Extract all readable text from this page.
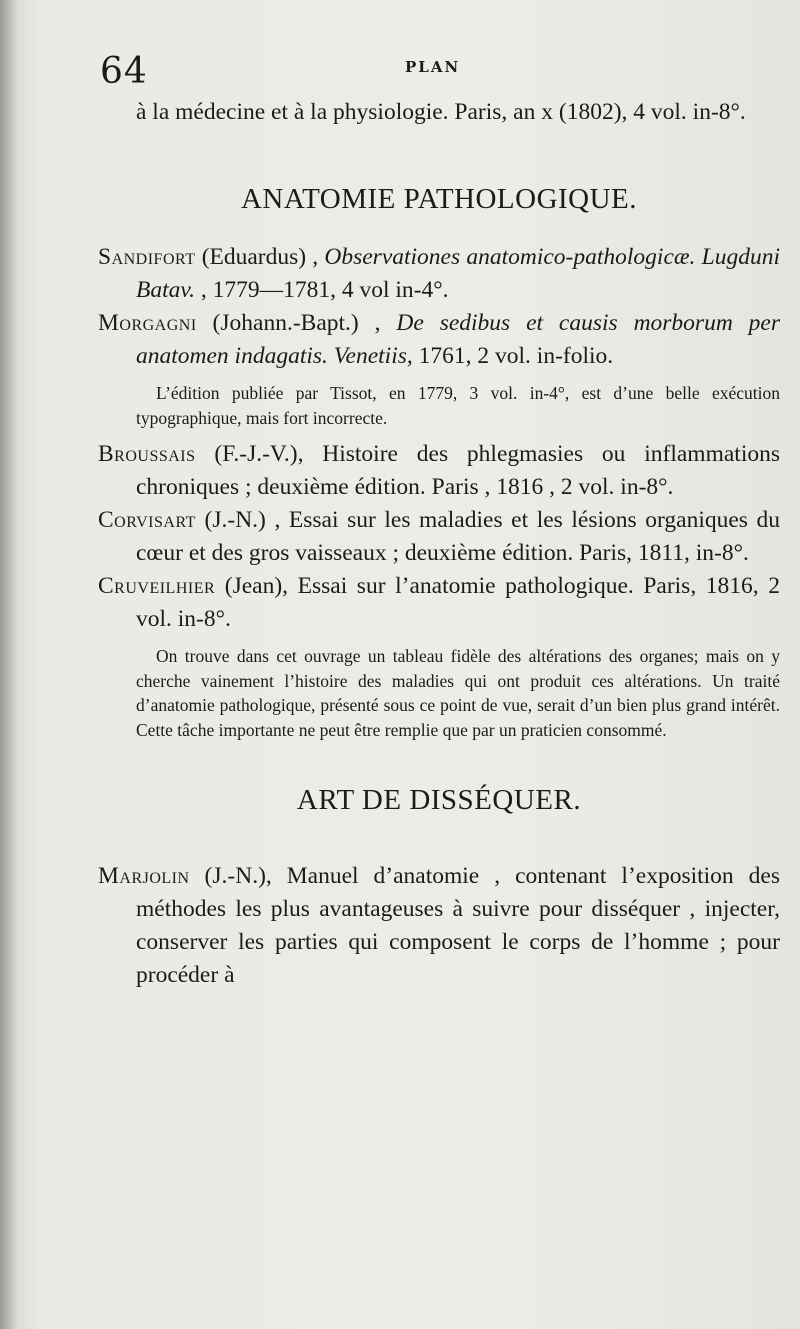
64	PLAN

à la médecine et à la physiologie. Paris, an x (1802), 4 vol. in-8°.

ANATOMIE PATHOLOGIQUE.

Sandifort (Eduardus) , Observationes anatomico-pathologicæ. Lugduni Batav. , 1779—1781, 4 vol in-4°.

Morgagni (Johann.-Bapt.) , De sedibus et causis morborum per anatomen indagatis. Venetiis, 1761, 2 vol. in-folio.

L’édition publiée par Tissot, en 1779, 3 vol. in-4°, est d’une belle exécution typographique, mais fort incorrecte.

Broussais (F.-J.-V.), Histoire des phlegmasies ou inflammations chroniques ; deuxième édition. Paris , 1816 , 2 vol. in-8°.

Corvisart (J.-N.) , Essai sur les maladies et les lésions organiques du cœur et des gros vaisseaux ; deuxième édition. Paris, 1811, in-8°.

Cruveilhier (Jean), Essai sur l’anatomie pathologique. Paris, 1816, 2 vol. in-8°.

On trouve dans cet ouvrage un tableau fidèle des altérations des organes; mais on y cherche vainement l’histoire des maladies qui ont produit ces altérations. Un traité d’anatomie pathologique, présenté sous ce point de vue, serait d’un bien plus grand intérêt. Cette tâche importante ne peut être remplie que par un praticien consommé.

ART DE DISSÉQUER.

Marjolin (J.-N.), Manuel d’anatomie , contenant l’exposition des méthodes les plus avantageuses à suivre pour disséquer , injecter, conserver les parties qui composent le corps de l’homme ; pour procéder à
